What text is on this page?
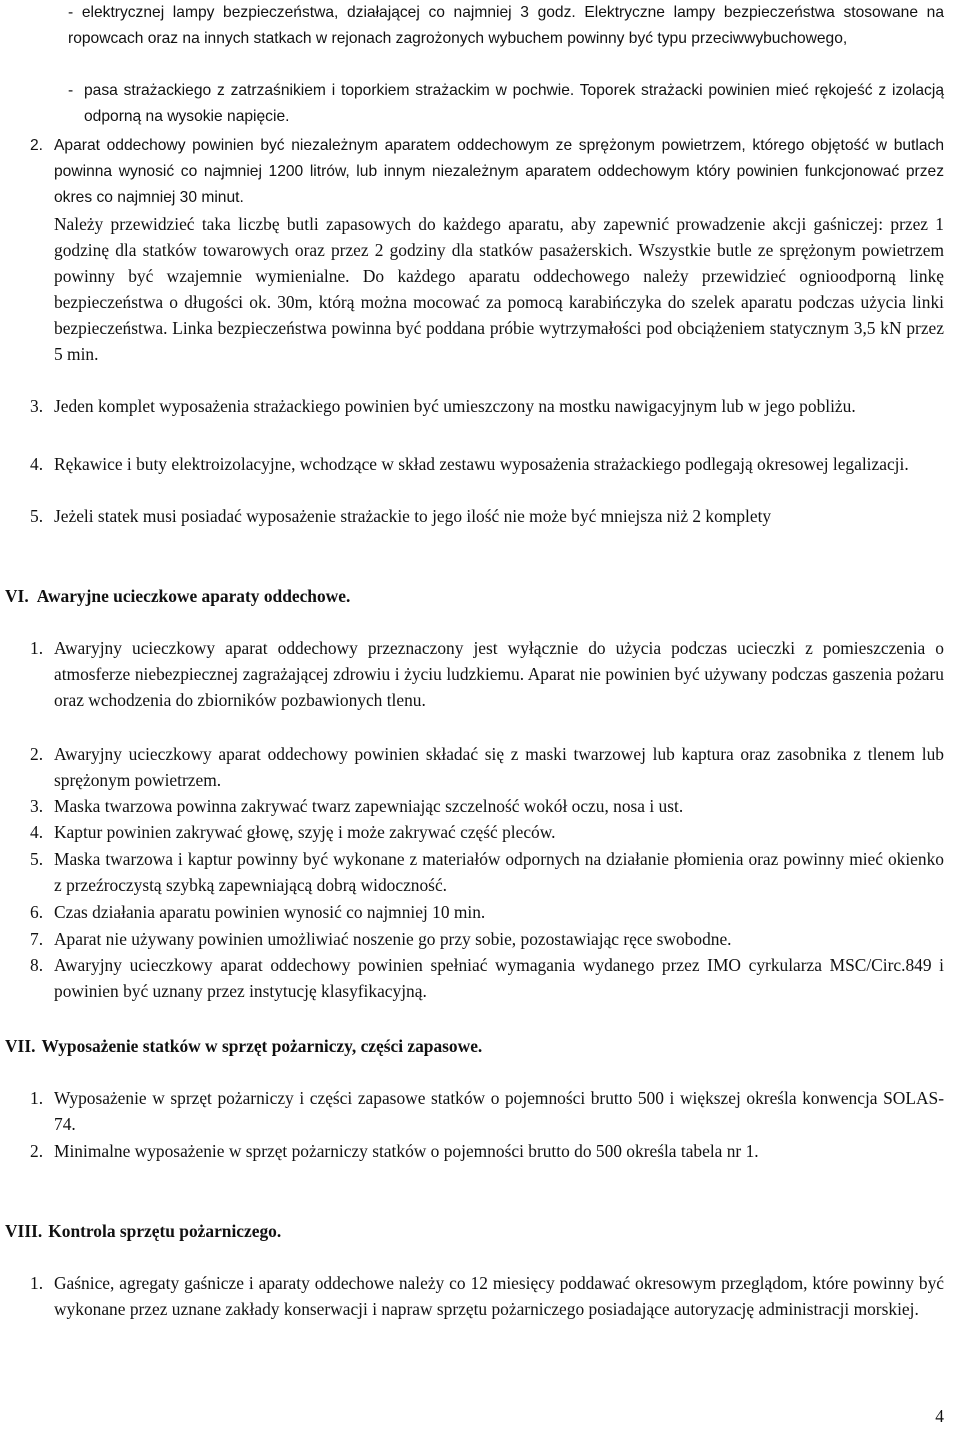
- elektrycznej lampy bezpieczeństwa, działającej co najmniej 3 godz. Elektryczne lampy bezpieczeństwa stosowane na ropowcach oraz na innych statkach w rejonach zagrożonych wybuchem powinny być typu przeciwwybuchowego,
- pasa strażackiego z zatrzaśnikiem i toporkiem strażackim w pochwie. Toporek strażacki powinien mieć rękojeść z izolacją odporną na wysokie napięcie.
2. Aparat oddechowy powinien być niezależnym aparatem oddechowym ze sprężonym powietrzem, którego objętość w butlach powinna wynosić co najmniej 1200 litrów, lub innym niezależnym aparatem oddechowym który powinien funkcjonować przez okres co najmniej 30 minut.
Należy przewidzieć taka liczbę butli zapasowych do każdego aparatu, aby zapewnić prowadzenie akcji gaśniczej: przez 1 godzinę dla statków towarowych oraz przez 2 godziny dla statków pasażerskich. Wszystkie butle ze sprężonym powietrzem powinny być wzajemnie wymienialne. Do każdego aparatu oddechowego należy przewidzieć ognioodporną linkę bezpieczeństwa o długości ok. 30m, którą można mocować za pomocą karabińczyka do szelek aparatu podczas użycia linki bezpieczeństwa. Linka bezpieczeństwa powinna być poddana próbie wytrzymałości pod obciążeniem statycznym 3,5 kN przez 5 min.
3. Jeden komplet wyposażenia strażackiego powinien być umieszczony na mostku nawigacyjnym lub w jego pobliżu.
4. Rękawice i buty elektroizolacyjne, wchodzące w skład zestawu wyposażenia strażackiego podlegają okresowej legalizacji.
5. Jeżeli statek musi posiadać wyposażenie strażackie to jego ilość nie może być mniejsza niż 2 komplety
VI. Awaryjne ucieczkowe aparaty oddechowe.
1. Awaryjny ucieczkowy aparat oddechowy przeznaczony jest wyłącznie do użycia podczas ucieczki z pomieszczenia o atmosferze niebezpiecznej zagrażającej zdrowiu i życiu ludzkiemu. Aparat nie powinien być używany podczas gaszenia pożaru oraz wchodzenia do zbiorników pozbawionych tlenu.
2. Awaryjny ucieczkowy aparat oddechowy powinien składać się z maski twarzowej lub kaptura oraz zasobnika z tlenem lub sprężonym powietrzem.
3. Maska twarzowa powinna zakrywać twarz zapewniając szczelność wokół oczu, nosa i ust.
4. Kaptur powinien zakrywać głowę, szyję i może zakrywać część pleców.
5. Maska twarzowa i kaptur powinny być wykonane z materiałów odpornych na działanie płomienia oraz powinny mieć okienko z przeźroczystą szybką zapewniającą dobrą widoczność.
6. Czas działania aparatu powinien wynosić co najmniej 10 min.
7. Aparat nie używany powinien umożliwiać noszenie go przy sobie, pozostawiając ręce swobodne.
8. Awaryjny ucieczkowy aparat oddechowy powinien spełniać wymagania wydanego przez IMO cyrkularza MSC/Circ.849 i powinien być uznany przez instytucję klasyfikacyjną.
VII. Wyposażenie statków w sprzęt pożarniczy, części zapasowe.
1. Wyposażenie w sprzęt pożarniczy i części zapasowe statków o pojemności brutto 500 i większej określa konwencja SOLAS-74.
2. Minimalne wyposażenie w sprzęt pożarniczy statków o pojemności brutto do 500 określa tabela nr 1.
VIII. Kontrola sprzętu pożarniczego.
1. Gaśnice, agregaty gaśnicze i aparaty oddechowe należy co 12 miesięcy poddawać okresowym przeglądom, które powinny być wykonane przez uznane zakłady konserwacji i napraw sprzętu pożarniczego posiadające autoryzację administracji morskiej.
4
